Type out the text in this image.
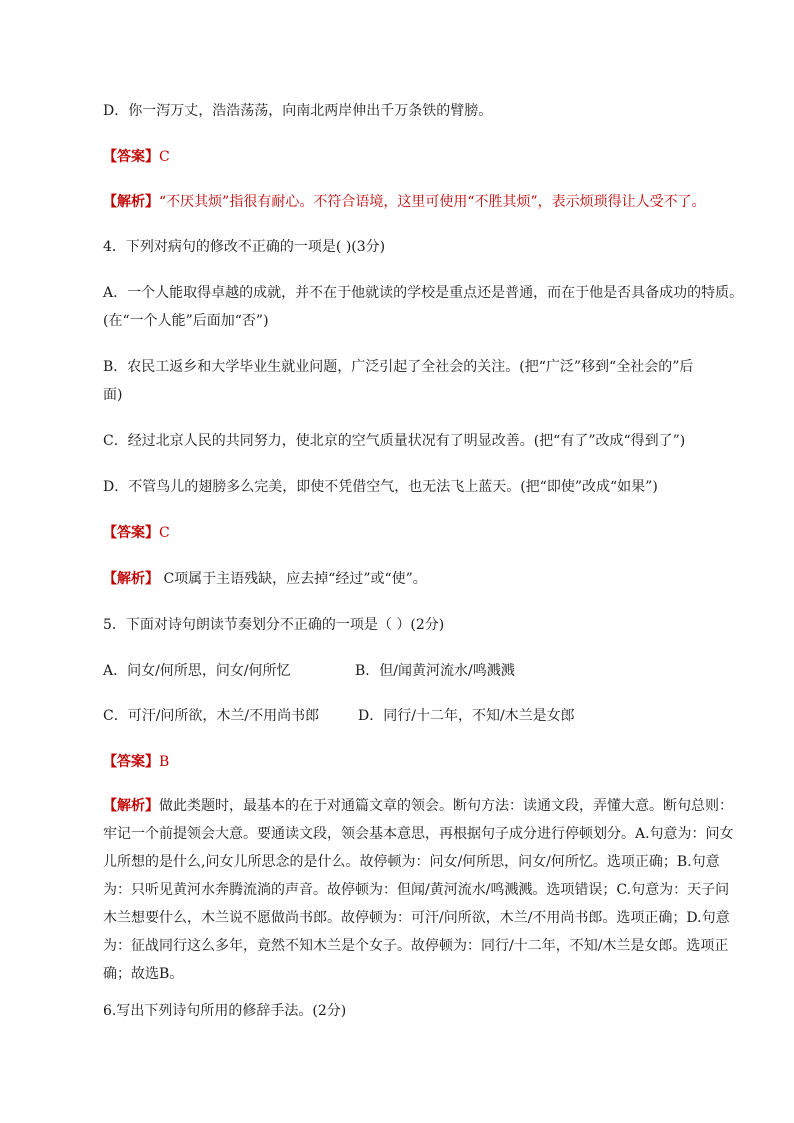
D．你一泻万丈，浩浩荡荡，向南北两岸伸出千万条铁的臂膀。
【答案】C
【解析】“不厌其烦”指很有耐心。不符合语境，这里可使用“不胜其烦”，表示烦琐得让人受不了。
4．下列对病句的修改不正确的一项是( )(3分)
A．一个人能取得卓越的成就，并不在于他就读的学校是重点还是普通，而在于他是否具备成功的特质。
(在“一个人能”后面加“否”)
B．农民工返乡和大学毕业生就业问题，广泛引起了全社会的关注。(把“广泛”移到“全社会的”后
面)
C．经过北京人民的共同努力，使北京的空气质量状况有了明显改善。(把“有了”改成“得到了”)
D．不管鸟儿的翅膀多么完美，即使不凭借空气，也无法飞上蓝天。(把“即使”改成“如果”)
【答案】C
【解析】 C项属于主语残缺，应去掉“经过”或“使”。
5．下面对诗句朗读节奏划分不正确的一项是（ ）(2分)
A．问女/何所思，问女/何所忆	B．但/闻黄河流水/鸣溅溅
C．可汗/问所欲，木兰/不用尚书郎	D．同行/十二年，不知/木兰是女郎
【答案】B
【解析】做此类题时，最基本的在于对通篇文章的领会。断句方法：读通文段，弄懂大意。断句总则：牢记一个前提领会大意。要通读文段，领会基本意思，再根据句子成分进行停顿划分。A.句意为：问女儿所想的是什么,问女儿所思念的是什么。故停顿为：问女/何所思，问女/何所忆。选项正确；B.句意为：只听见黄河水奔腾流淌的声音。故停顿为：但闻/黄河流水/鸣溅溅。选项错误；C.句意为：天子问木兰想要什么，木兰说不愿做尚书郎。故停顿为：可汗/问所欲，木兰/不用尚书郎。选项正确；D.句意为：征战同行这么多年，竟然不知木兰是个女子。故停顿为：同行/十二年，不知/木兰是女郎。选项正确；故选B。
6.写出下列诗句所用的修辞手法。(2分)
